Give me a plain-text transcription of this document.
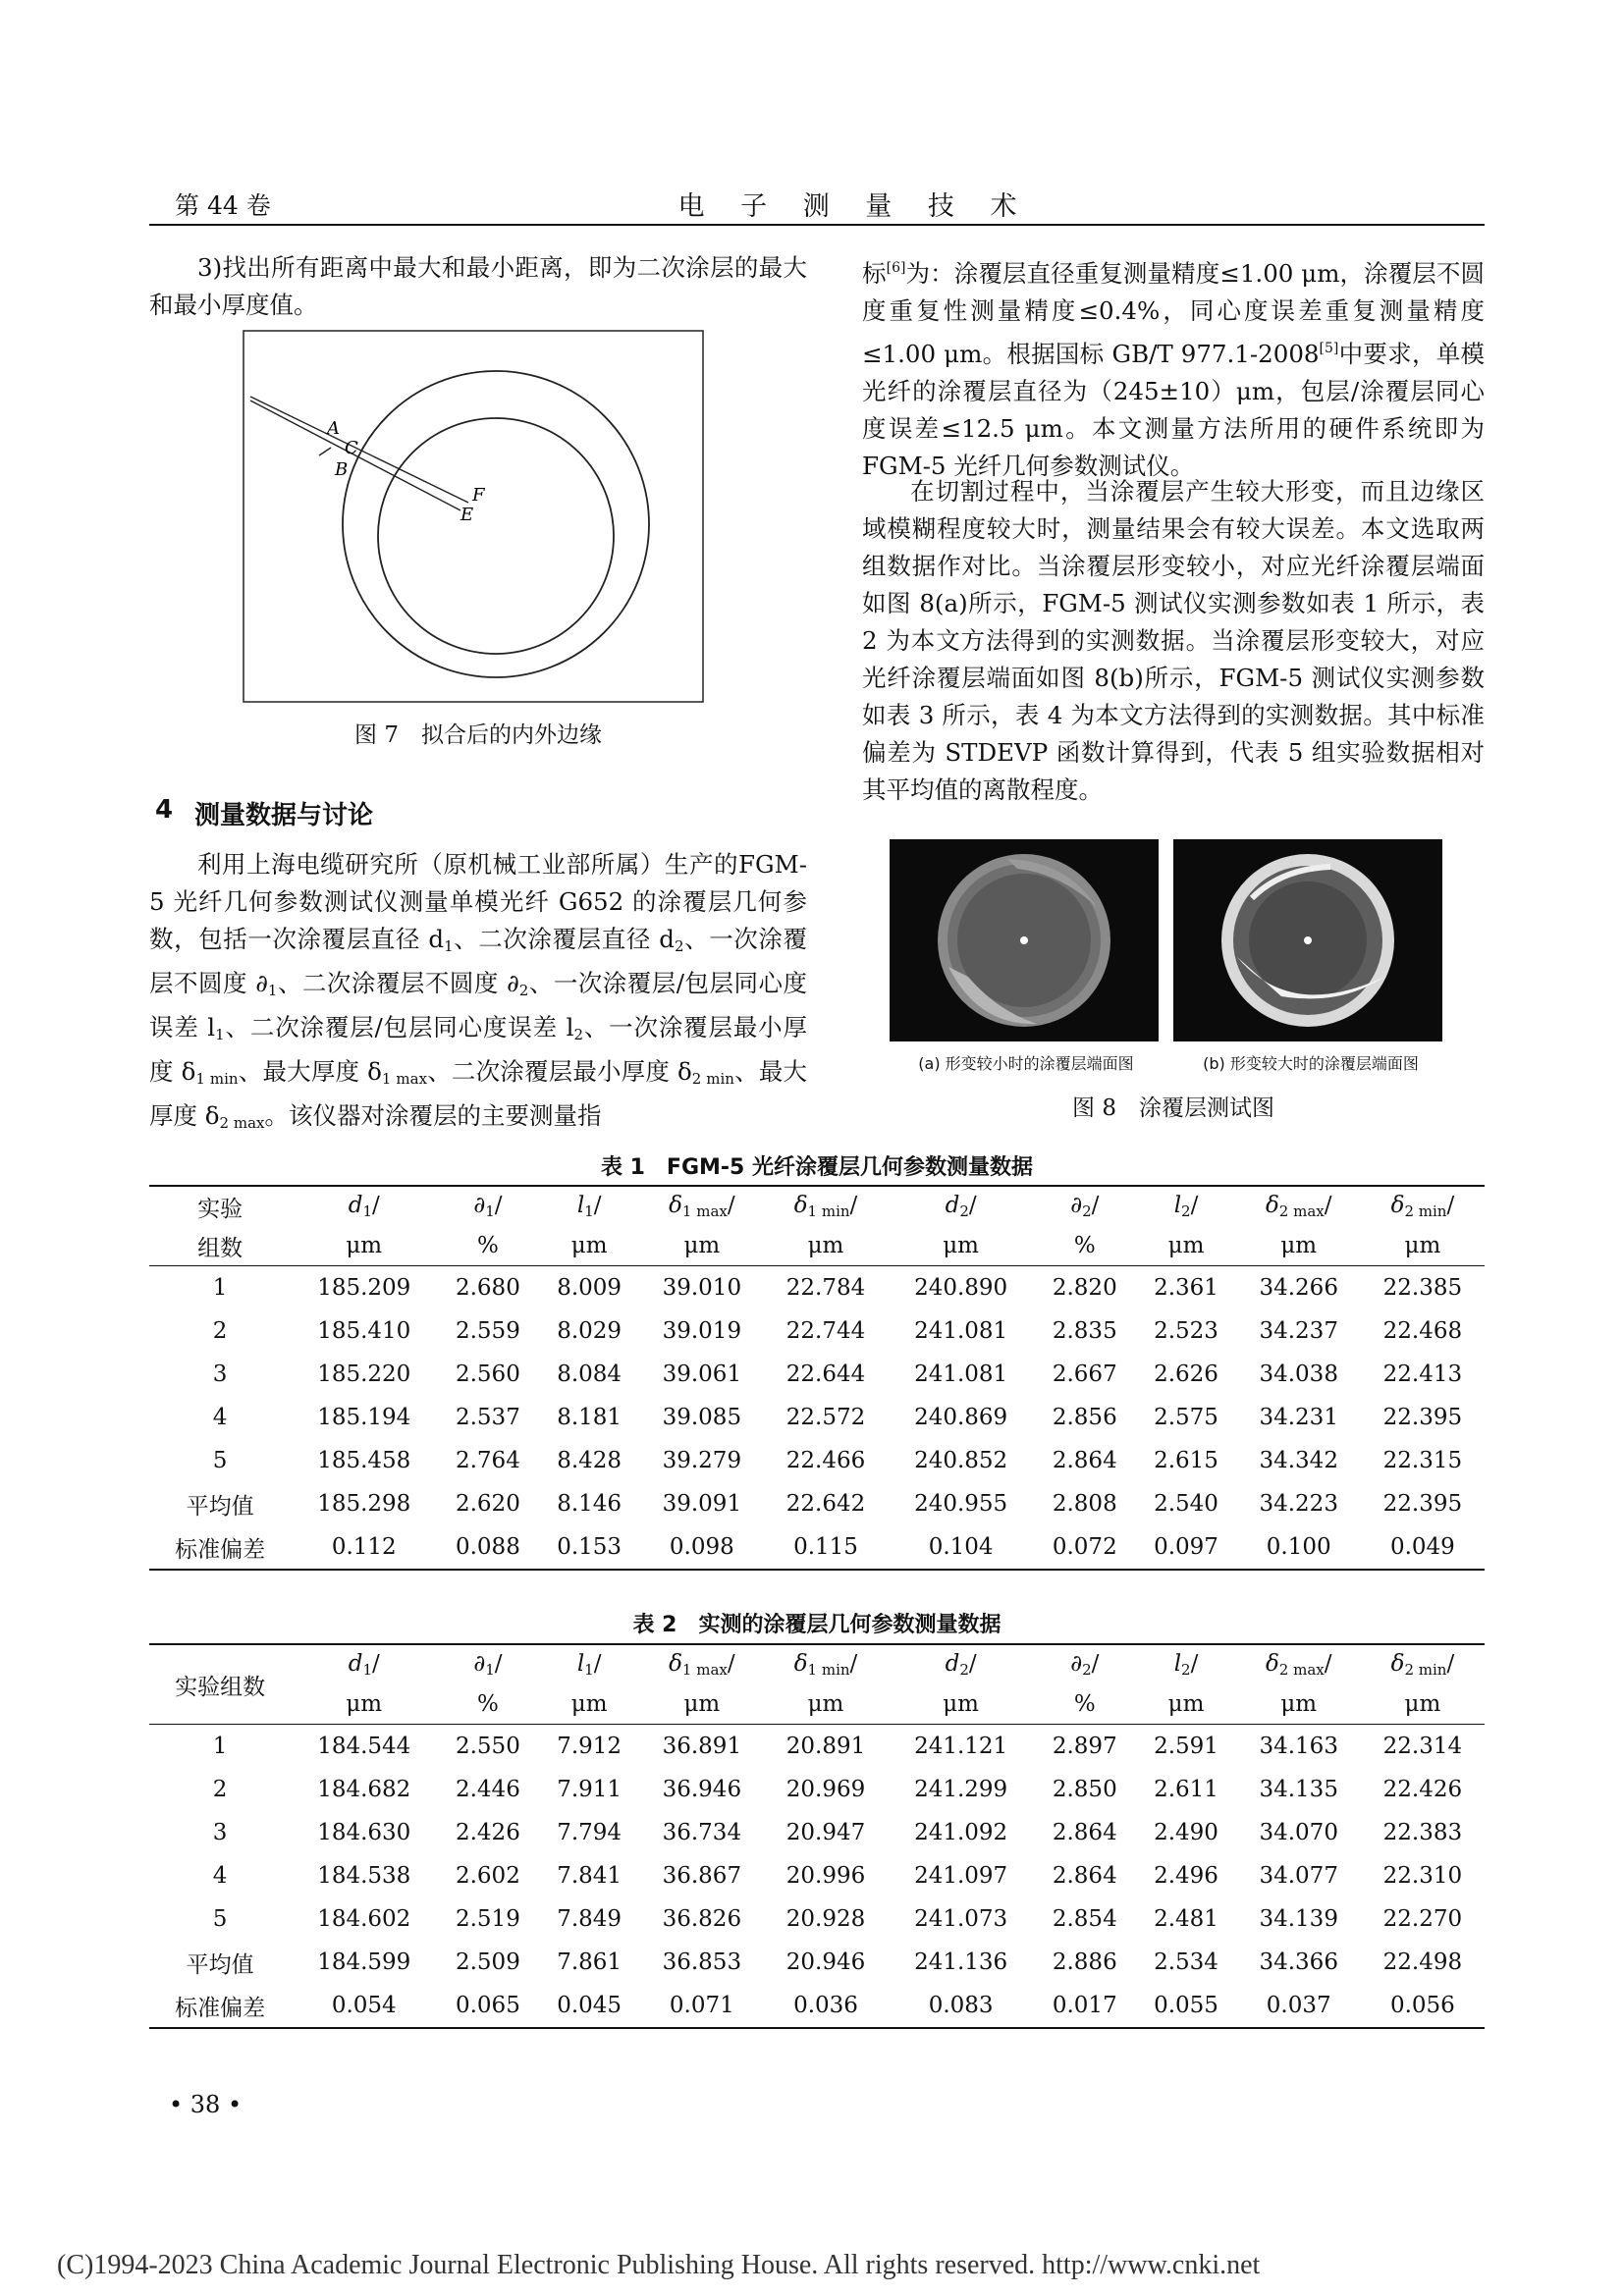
第 44 卷	电 子 测 量 技 术

3)找出所有距离中最大和最小距离，即为二次涂层的最大和最小厚度值。

A
C
B
F
E
图 7　拟合后的内外边缘
4 测量数据与讨论

利用上海电缆研究所（原机械工业部所属）生产的FGM-5 光纤几何参数测试仪测量单模光纤 G652 的涂覆层几何参数，包括一次涂覆层直径 $d_1$、二次涂覆层直径 $d_2$、一次涂覆层不圆度 $\partial_1$、二次涂覆层不圆度 $\partial_2$、一次涂覆层/包层同心度误差 $l_1$、二次涂覆层/包层同心度误差 $l_2$、一次涂覆层最小厚度 $\delta_{1 min}$、最大厚度 $\delta_{1 max}$、二次涂覆层最小厚度 $\delta_{2 min}$、最大厚度 $\delta_{2 max}$。该仪器对涂覆层的主要测量指

标[6]为：涂覆层直径重复测量精度≤1.00 μm，涂覆层不圆度重复性测量精度≤0.4%，同心度误差重复测量精度≤1.00 μm。根据国标 GB/T 977.1-2008[5]中要求，单模光纤的涂覆层直径为（245±10）μm，包层/涂覆层同心度误差≤12.5 μm。本文测量方法所用的硬件系统即为 FGM-5 光纤几何参数测试仪。

在切割过程中，当涂覆层产生较大形变，而且边缘区域模糊程度较大时，测量结果会有较大误差。本文选取两组数据作对比。当涂覆层形变较小，对应光纤涂覆层端面如图 8(a)所示，FGM-5 测试仪实测参数如表 1 所示，表 2 为本文方法得到的实测数据。当涂覆层形变较大，对应光纤涂覆层端面如图 8(b)所示，FGM-5 测试仪实测参数如表 3 所示，表 4 为本文方法得到的实测数据。其中标准偏差为 STDEVP 函数计算得到，代表 5 组实验数据相对其平均值的离散程度。

(a) 形变较小时的涂覆层端面图	(b) 形变较大时的涂覆层端面图
图 8　涂覆层测试图
表 1　FGM-5 光纤涂覆层几何参数测量数据
实验	$d_1/$	$\partial_1/$	$l_1/$	$\delta_{1 max}/$	$\delta_{1 min}/$	$d_2/$	$\partial_2/$	$l_2/$	$\delta_{2 max}/$	$\delta_{2 min}/$
组数	μm	%	μm	μm	μm	μm	%	μm	μm	μm
1	185.209	2.680	8.009	39.010	22.784	240.890	2.820	2.361	34.266	22.385
2	185.410	2.559	8.029	39.019	22.744	241.081	2.835	2.523	34.237	22.468
3	185.220	2.560	8.084	39.061	22.644	241.081	2.667	2.626	34.038	22.413
4	185.194	2.537	8.181	39.085	22.572	240.869	2.856	2.575	34.231	22.395
5	185.458	2.764	8.428	39.279	22.466	240.852	2.864	2.615	34.342	22.315
平均值	185.298	2.620	8.146	39.091	22.642	240.955	2.808	2.540	34.223	22.395
标准偏差	0.112	0.088	0.153	0.098	0.115	0.104	0.072	0.097	0.100	0.049
表 2　实测的涂覆层几何参数测量数据
实验组数	$d_1/$	$\partial_1/$	$l_1/$	$\delta_{1 max}/$	$\delta_{1 min}/$	$d_2/$	$\partial_2/$	$l_2/$	$\delta_{2 max}/$	$\delta_{2 min}/$
	μm	%	μm	μm	μm	μm	%	μm	μm	μm
1	184.544	2.550	7.912	36.891	20.891	241.121	2.897	2.591	34.163	22.314
2	184.682	2.446	7.911	36.946	20.969	241.299	2.850	2.611	34.135	22.426
3	184.630	2.426	7.794	36.734	20.947	241.092	2.864	2.490	34.070	22.383
4	184.538	2.602	7.841	36.867	20.996	241.097	2.864	2.496	34.077	22.310
5	184.602	2.519	7.849	36.826	20.928	241.073	2.854	2.481	34.139	22.270
平均值	184.599	2.509	7.861	36.853	20.946	241.136	2.886	2.534	34.366	22.498
标准偏差	0.054	0.065	0.045	0.071	0.036	0.083	0.017	0.055	0.037	0.056
• 38 •
(C)1994-2023 China Academic Journal Electronic Publishing House. All rights reserved. http://www.cnki.net
